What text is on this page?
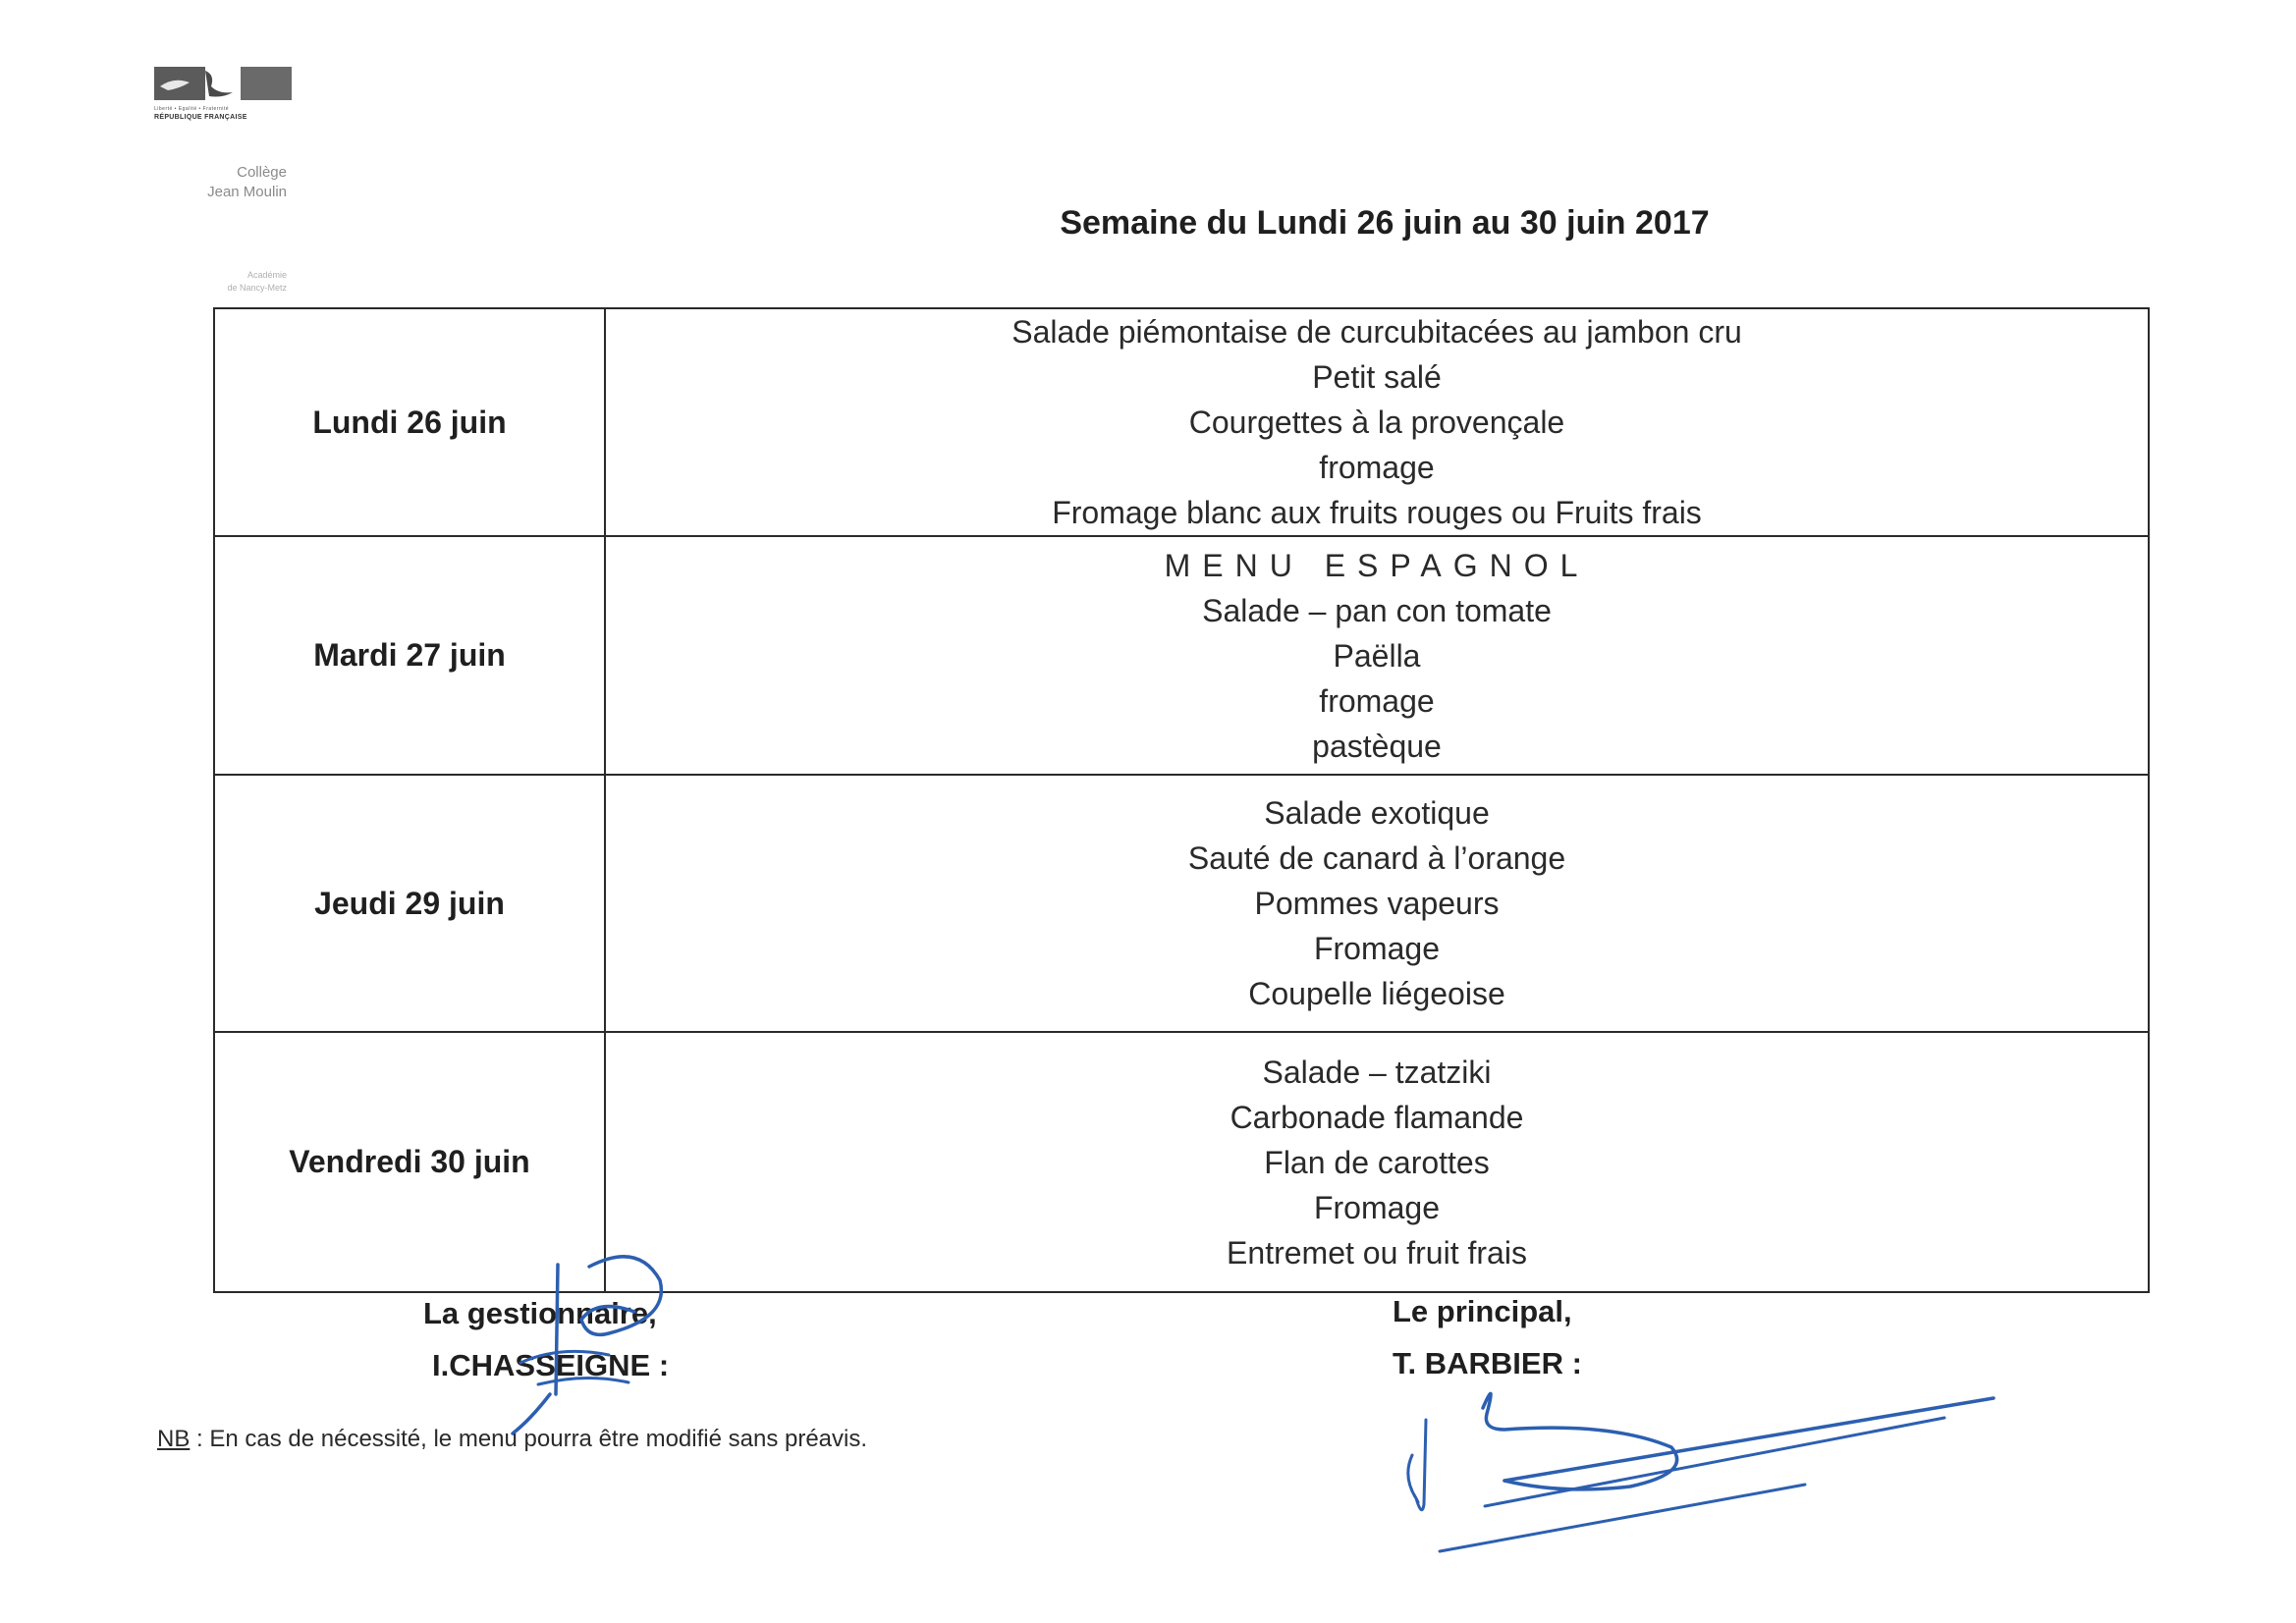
Liberté • Égalité • Fraternité
RÉPUBLIQUE FRANÇAISE
Collège
Jean Moulin
Académie
de Nancy-Metz
Semaine du Lundi 26 juin au 30 juin 2017
Lundi 26 juin
Salade piémontaise de curcubitacées au jambon cru
Petit salé
Courgettes à la provençale
fromage
Fromage blanc aux fruits rouges ou Fruits frais
Mardi 27 juin
MENU ESPAGNOL
Salade – pan con tomate
Paëlla
fromage
pastèque
Jeudi 29 juin
Salade exotique
Sauté de canard à l’orange
Pommes vapeurs
Fromage
Coupelle liégeoise
Vendredi 30 juin
Salade – tzatziki
Carbonade flamande
Flan de carottes
Fromage
Entremet ou fruit frais
La gestionnaire,
I.CHASSEIGNE :
Le principal,
T. BARBIER :
NB : En cas de nécessité, le menu pourra être modifié sans préavis.
